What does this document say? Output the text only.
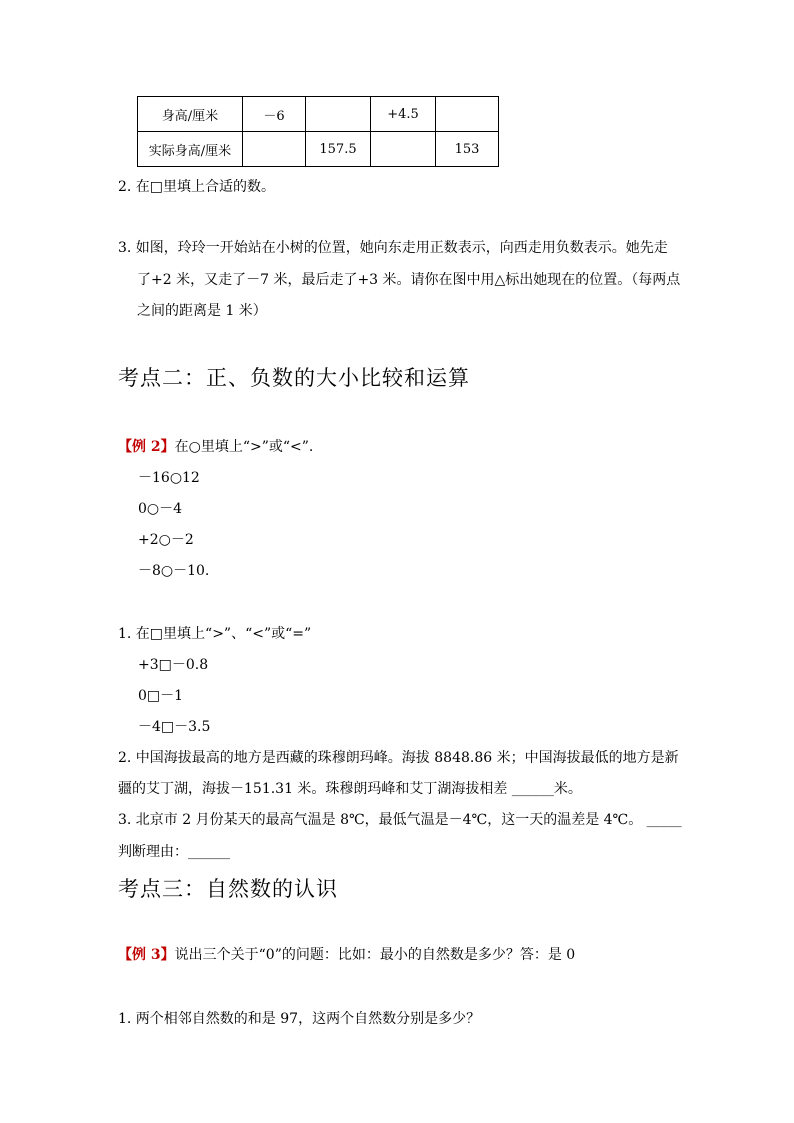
身高/厘米	－6		+4.5	
实际身高/厘米		157.5		153
2. 在□里填上合适的数。
3. 如图，玲玲一开始站在小树的位置，她向东走用正数表示，向西走用负数表示。她先走
了+2 米，又走了－7 米，最后走了+3 米。请你在图中用△标出她现在的位置。（每两点
之间的距离是 1 米）
考点二：正、负数的大小比较和运算
【例 2】在○里填上“>”或“<”.
－16○12
0○－4
+2○－2
－8○－10.
1. 在□里填上“>”、“<”或“=”
+3□－0.8
0□－1
－4□－3.5
2. 中国海拔最高的地方是西藏的珠穆朗玛峰。海拔 8848.86 米；中国海拔最低的地方是新
疆的艾丁湖，海拔－151.31 米。珠穆朗玛峰和艾丁湖海拔相差 ______米。
3. 北京市 2 月份某天的最高气温是 8℃，最低气温是－4℃，这一天的温差是 4℃。 _____
判断理由：______
考点三：自然数的认识
【例 3】说出三个关于“0”的问题：比如：最小的自然数是多少？答：是 0
1. 两个相邻自然数的和是 97，这两个自然数分别是多少？
